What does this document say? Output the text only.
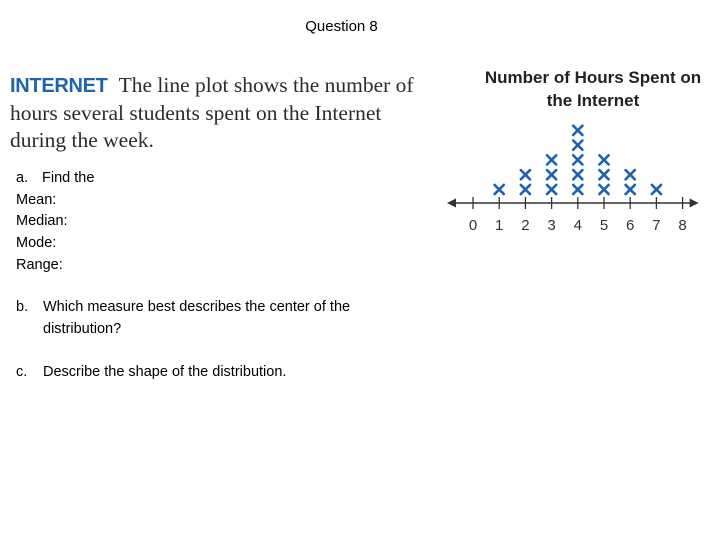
Question 8
INTERNET The line plot shows the number of hours several students spent on the Internet during the week.
a. Find the
Mean:
Median:
Mode:
Range:
b.	Which measure best describes the center of the distribution?
c.	Describe the shape of the distribution.
Number of Hours Spent on the Internet
0 1 2 3 4 5 6 7 8
